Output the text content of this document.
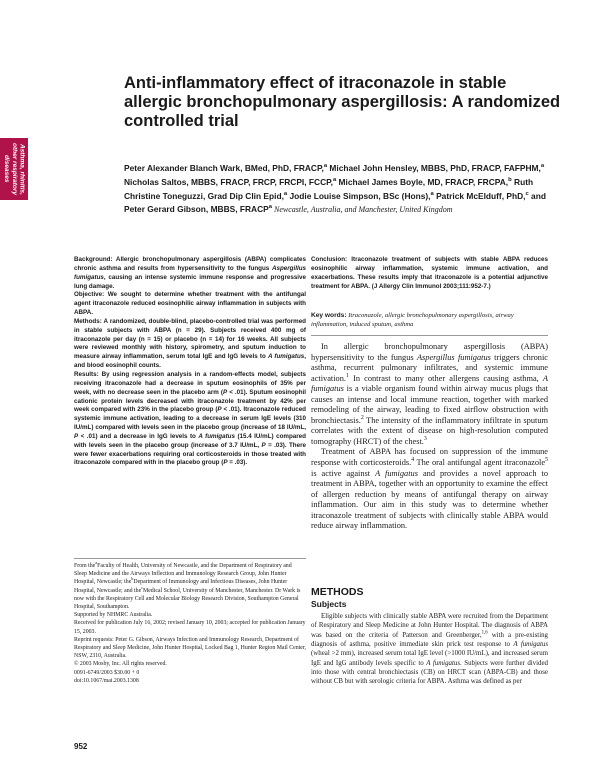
Asthma, rhinitis,
other respiratory
diseases
Anti-inflammatory effect of itraconazole in stable allergic bronchopulmonary aspergillosis: A randomized controlled trial
Peter Alexander Blanch Wark, BMed, PhD, FRACP,$^a$ Michael John Hensley, MBBS, PhD, FRACP, FAFPHM,$^a$ Nicholas Saltos, MBBS, FRACP, FRCP, FRCPI, FCCP,$^a$ Michael James Boyle, MD, FRACP, FRCPA,$^b$ Ruth Christine Toneguzzi, Grad Dip Clin Epid,$^a$ Jodie Louise Simpson, BSc (Hons),$^a$ Patrick McElduff, PhD,$^c$ and Peter Gerard Gibson, MBBS, FRACP$^a$ Newcastle, Australia, and Manchester, United Kingdom
Background: Allergic bronchopulmonary aspergillosis (ABPA) complicates chronic asthma and results from hypersensitivity to the fungus Aspergillus fumigatus, causing an intense systemic immune response and progressive lung damage.
Objective: We sought to determine whether treatment with the antifungal agent itraconazole reduced eosinophilic airway inflammation in subjects with ABPA.
Methods: A randomized, double-blind, placebo-controlled trial was performed in stable subjects with ABPA (n = 29). Subjects received 400 mg of itraconazole per day (n = 15) or placebo (n = 14) for 16 weeks. All subjects were reviewed monthly with history, spirometry, and sputum induction to measure airway inflammation, serum total IgE and IgG levels to A fumigatus, and blood eosinophil counts.
Results: By using regression analysis in a random-effects model, subjects receiving itraconazole had a decrease in sputum eosinophils of 35% per week, with no decrease seen in the placebo arm (P < .01). Sputum eosinophil cationic protein levels decreased with itraconazole treatment by 42% per week compared with 23% in the placebo group (P < .01). Itraconazole reduced systemic immune activation, leading to a decrease in serum IgE levels (310 IU/mL) compared with levels seen in the placebo group (increase of 18 IU/mL, P < .01) and a decrease in IgG levels to A fumigatus (15.4 IU/mL) compared with levels seen in the placebo group (increase of 3.7 IU/mL, P = .03). There were fewer exacerbations requiring oral corticosteroids in those treated with itraconazole compared with in the placebo group (P = .03).
Conclusion: Itraconazole treatment of subjects with stable ABPA reduces eosinophilic airway inflammation, systemic immune activation, and exacerbations. These results imply that itraconazole is a potential adjunctive treatment for ABPA. (J Allergy Clin Immunol 2003;111:952-7.)
Key words: Itraconazole, allergic bronchopulmonary aspergillosis, airway inflammation, induced sputum, asthma

In allergic bronchopulmonary aspergillosis (ABPA) hypersensitivity to the fungus Aspergillus fumigatus triggers chronic asthma, recurrent pulmonary infiltrates, and systemic immune activation.$^1$ In contrast to many other allergens causing asthma, A fumigatus is a viable organism found within airway mucus plugs that causes an intense and local immune reaction, together with marked remodeling of the airway, leading to fixed airflow obstruction with bronchiectasis.$^2$ The intensity of the inflammatory infiltrate in sputum correlates with the extent of disease on high-resolution computed tomography (HRCT) of the chest.$^3$

Treatment of ABPA has focused on suppression of the immune response with corticosteroids.$^4$ The oral antifungal agent itraconazole$^5$ is active against A fumigatus and provides a novel approach to treatment in ABPA, together with an opportunity to examine the effect of allergen reduction by means of antifungal therapy on airway inflammation. Our aim in this study was to determine whether itraconazole treatment of subjects with clinically stable ABPA would reduce airway inflammation.

METHODS
Subjects

Eligible subjects with clinically stable ABPA were recruited from the Department of Respiratory and Sleep Medicine at John Hunter Hospital. The diagnosis of ABPA was based on the criteria of Patterson and Greenberger,$^{1,6}$ with a pre-existing diagnosis of asthma, positive immediate skin prick test response to A fumigatus (wheal >2 mm), increased serum total IgE level (>1000 IU/mL), and increased serum IgE and IgG antibody levels specific to A fumigatus. Subjects were further divided into those with central bronchiectasis (CB) on HRCT scan (ABPA-CB) and those without CB but with serologic criteria for ABPA. Asthma was defined as per

From the$^a$Faculty of Health, University of Newcastle, and the Department of Respiratory and Sleep Medicine and the Airways Inflection and Immunology Research Group, John Hunter Hospital, Newcastle; the$^b$Department of Immunology and Infectious Diseases, John Hunter Hospital, Newcastle; and the$^c$Medical School, University of Manchester, Manchester. Dr Wark is now with the Respiratory Cell and Molecular Biology Research Division, Southampton General Hospital, Southampton.

Supported by NHMRC Australia.

Received for publication July 16, 2002; revised January 10, 2003; accepted for publication January 15, 2003.

Reprint requests: Peter G. Gibson, Airways Infection and Immunology Research, Department of Respiratory and Sleep Medicine, John Hunter Hospital, Locked Bag 1, Hunter Region Mail Center, NSW, 2310, Australia.

© 2003 Mosby, Inc. All rights reserved.

0091-6749/2003 $30.00 + 0

doi:10.1067/mai.2003.1308

952
